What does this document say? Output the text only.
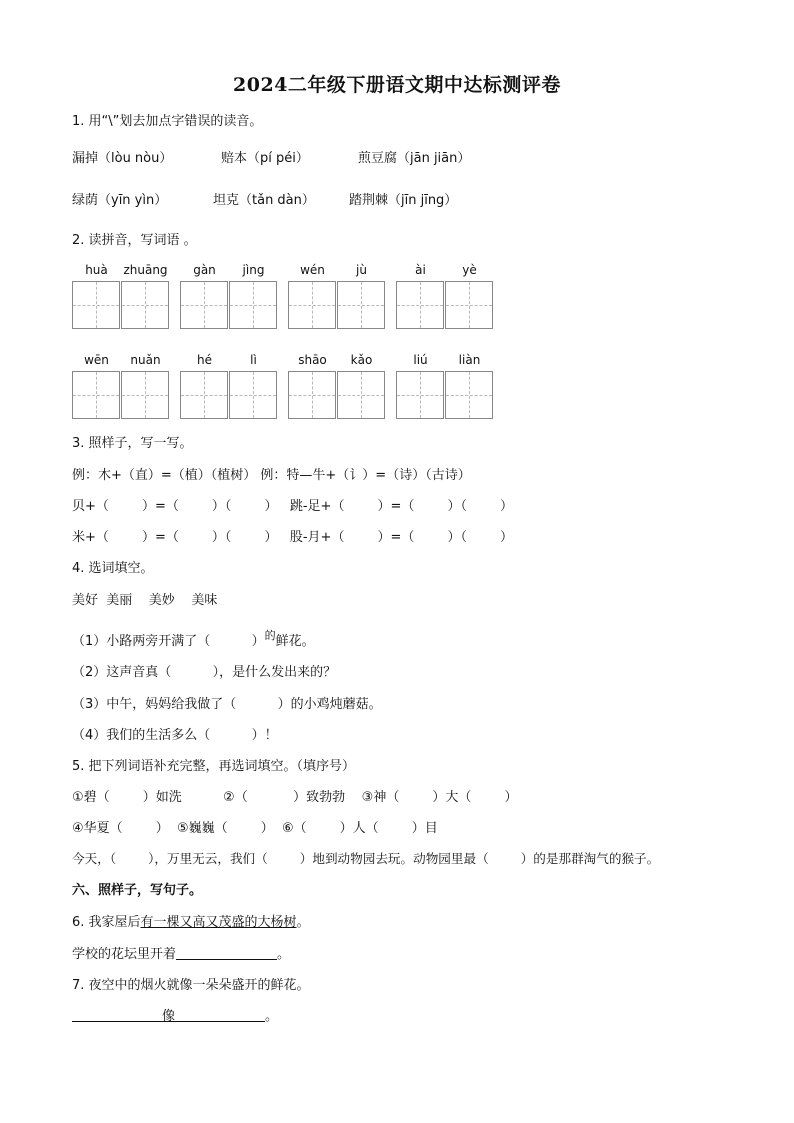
2024二年级下册语文期中达标测评卷
1. 用“\”划去加点字错误的读音。
漏掉（lòu nòu）	赔本（pí péi）	煎豆腐（jān jiān）
绿荫（yīn yìn）	坦克（tǎn dàn）	踏荆棘（jīn jīng）
2. 读拼音，写词语 。
huà	zhuāng	gàn	jìng	wén	jù	ài	yè
wēn	nuǎn	hé	lì	shāo	kǎo	liú	liàn
3. 照样子，写一写。
例：木+（直）=（植）（植树） 例：特—牛+（讠）=（诗）（古诗）
贝+（        ）=（        ）（        ）   跳-足+（        ）=（        ）（        ）
米+（        ）=（        ）（        ）   股-月+（        ）=（        ）（        ）
4. 选词填空。
美好  美丽    美妙    美味
（1）小路两旁开满了（          ）$^的$鲜花。
（2）这声音真（          ），是什么发出来的？
（3）中午，妈妈给我做了（          ）的小鸡炖蘑菇。
（4）我们的生活多么（          ）！
5. 把下列词语补充完整，再选词填空。（填序号）
①碧（        ）如洗          ②（           ）致勃勃    ③神（        ）大（        ）
④华夏（        ）  ⑤巍巍（        ）  ⑥（        ）人（        ）目
今天，（        ），万里无云，我们（        ）地到动物园去玩。动物园里最（        ）的是那群淘气的猴子。
六、照样子，写句子。
6. 我家屋后有一棵又高又茂盛的大杨树。
学校的花坛里开着	。
7. 夜空中的烟火就像一朵朵盛开的鲜花。
像	。
